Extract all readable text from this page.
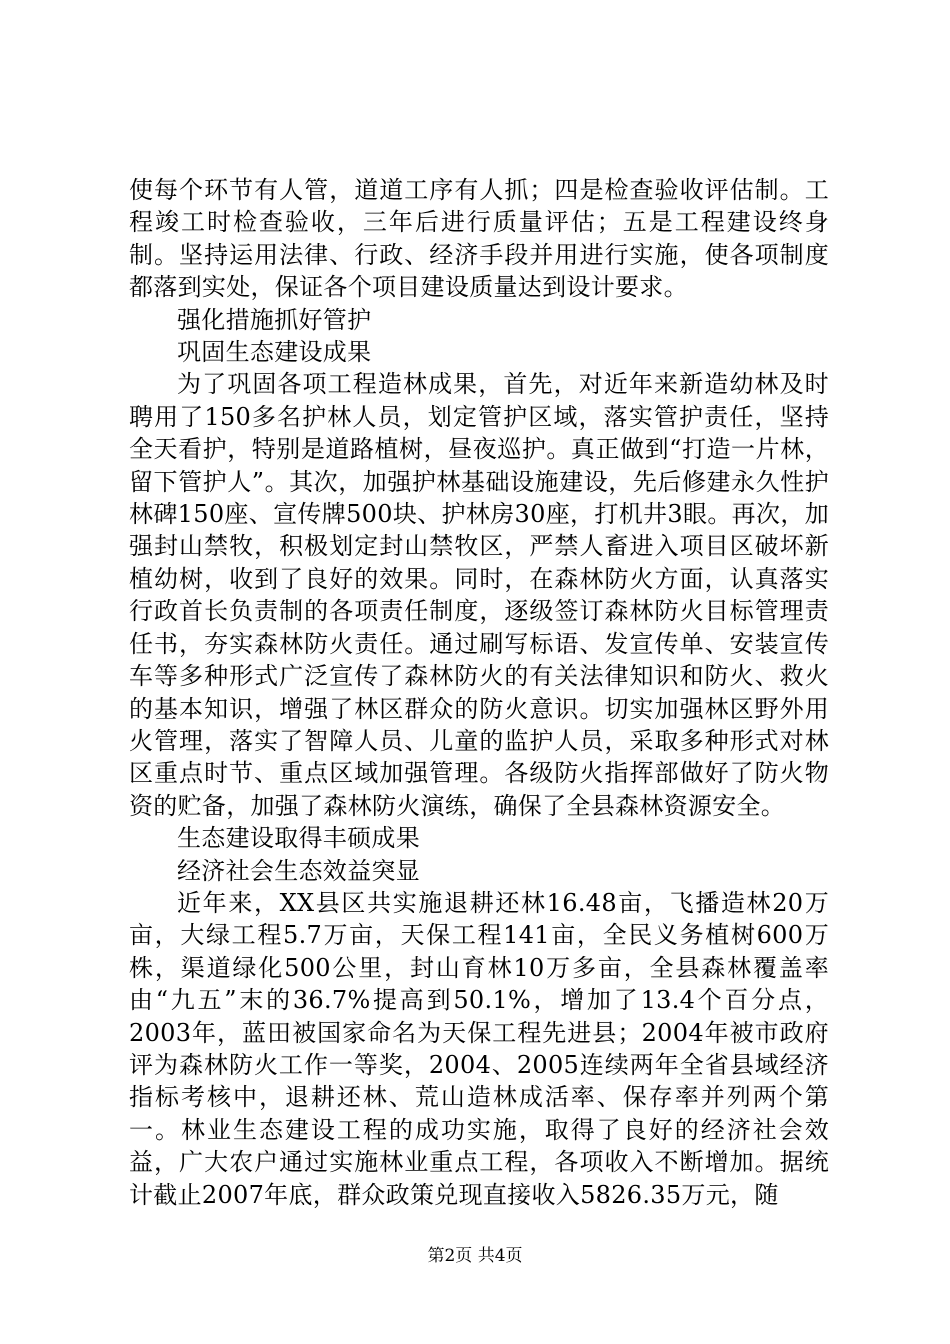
使每个环节有人管，道道工序有人抓；四是检查验收评估制。工程竣工时检查验收，三年后进行质量评估；五是工程建设终身制。坚持运用法律、行政、经济手段并用进行实施，使各项制度都落到实处，保证各个项目建设质量达到设计要求。

强化措施抓好管护

巩固生态建设成果

为了巩固各项工程造林成果，首先，对近年来新造幼林及时聘用了150多名护林人员，划定管护区域，落实管护责任，坚持全天看护，特别是道路植树，昼夜巡护。真正做到“打造一片林，留下管护人”。其次，加强护林基础设施建设，先后修建永久性护林碑150座、宣传牌500块、护林房30座，打机井3眼。再次，加强封山禁牧，积极划定封山禁牧区，严禁人畜进入项目区破坏新植幼树，收到了良好的效果。同时，在森林防火方面，认真落实行政首长负责制的各项责任制度，逐级签订森林防火目标管理责任书，夯实森林防火责任。通过刷写标语、发宣传单、安装宣传车等多种形式广泛宣传了森林防火的有关法律知识和防火、救火的基本知识，增强了林区群众的防火意识。切实加强林区野外用火管理，落实了智障人员、儿童的监护人员，采取多种形式对林区重点时节、重点区域加强管理。各级防火指挥部做好了防火物资的贮备，加强了森林防火演练，确保了全县森林资源安全。

生态建设取得丰硕成果

经济社会生态效益突显

近年来，XX县区共实施退耕还林16.48亩，飞播造林20万亩，大绿工程5.7万亩，天保工程141亩，全民义务植树600万株，渠道绿化500公里，封山育林10万多亩，全县森林覆盖率由“九五”末的36.7%提高到50.1%，增加了13.4个百分点，2003年，蓝田被国家命名为天保工程先进县；2004年被市政府评为森林防火工作一等奖，2004、2005连续两年全省县域经济指标考核中，退耕还林、荒山造林成活率、保存率并列两个第一。林业生态建设工程的成功实施，取得了良好的经济社会效益，广大农户通过实施林业重点工程，各项收入不断增加。据统计截止2007年底，群众政策兑现直接收入5826.35万元，随

第2页 共4页
